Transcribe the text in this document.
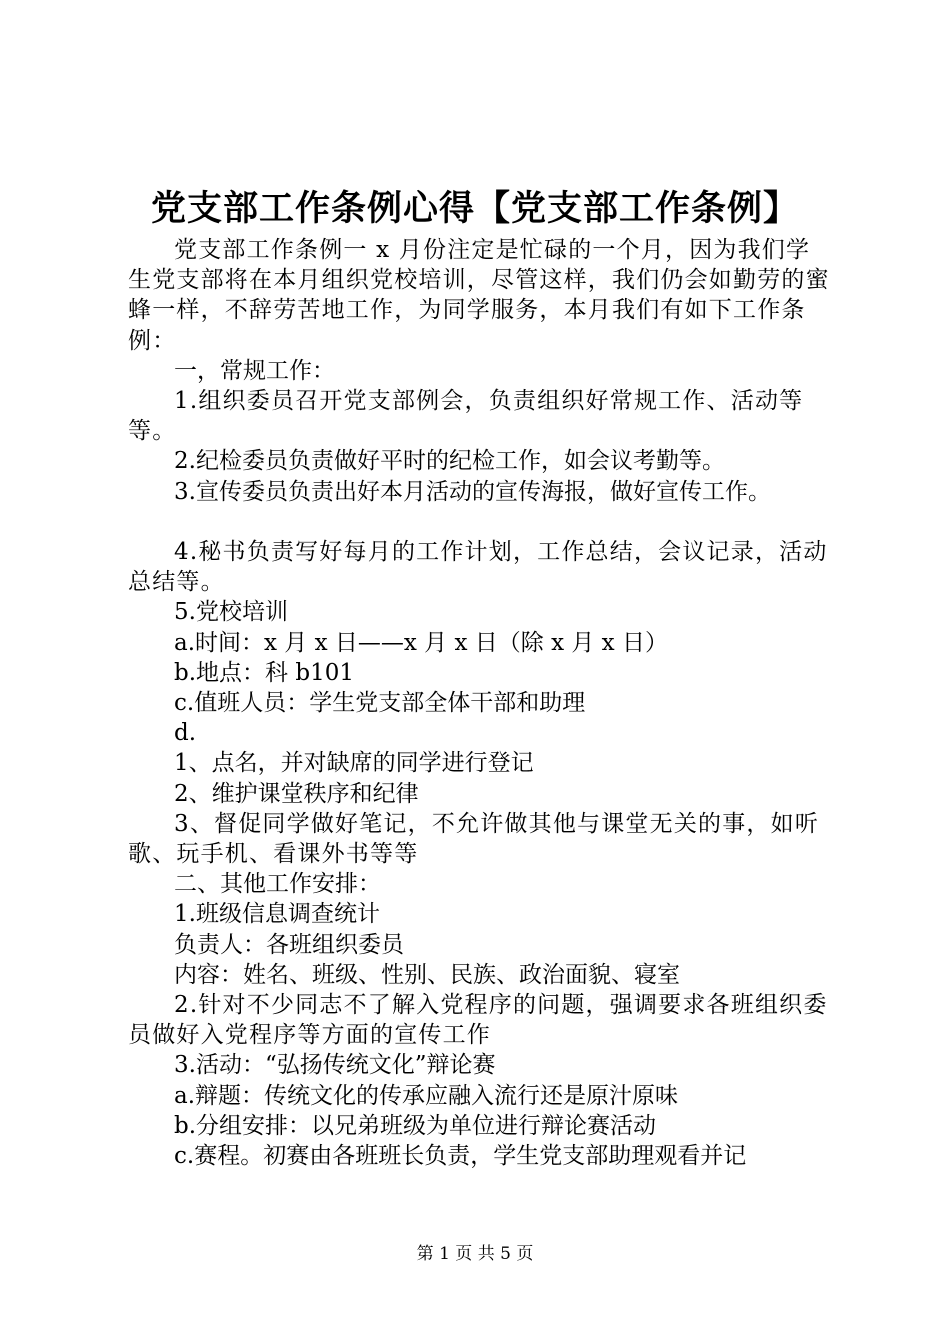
党支部工作条例心得【党支部工作条例】

党支部工作条例一 x 月份注定是忙碌的一个月，因为我们学生党支部将在本月组织党校培训，尽管这样，我们仍会如勤劳的蜜蜂一样，不辞劳苦地工作，为同学服务，本月我们有如下工作条例：

一，常规工作：

1.组织委员召开党支部例会，负责组织好常规工作、活动等等。

2.纪检委员负责做好平时的纪检工作，如会议考勤等。

3.宣传委员负责出好本月活动的宣传海报，做好宣传工作。

4.秘书负责写好每月的工作计划，工作总结，会议记录，活动总结等。

5.党校培训

a.时间：x 月 x 日——x 月 x 日（除 x 月 x 日）

b.地点：科 b101

c.值班人员：学生党支部全体干部和助理

d.

1、点名，并对缺席的同学进行登记

2、维护课堂秩序和纪律

3、督促同学做好笔记，不允许做其他与课堂无关的事，如听歌、玩手机、看课外书等等

二、其他工作安排：

1.班级信息调查统计

负责人：各班组织委员

内容：姓名、班级、性别、民族、政治面貌、寝室

2.针对不少同志不了解入党程序的问题，强调要求各班组织委员做好入党程序等方面的宣传工作

3.活动：“弘扬传统文化”辩论赛

a.辩题：传统文化的传承应融入流行还是原汁原味

b.分组安排：以兄弟班级为单位进行辩论赛活动

c.赛程。初赛由各班班长负责，学生党支部助理观看并记

第 1 页 共 5 页
